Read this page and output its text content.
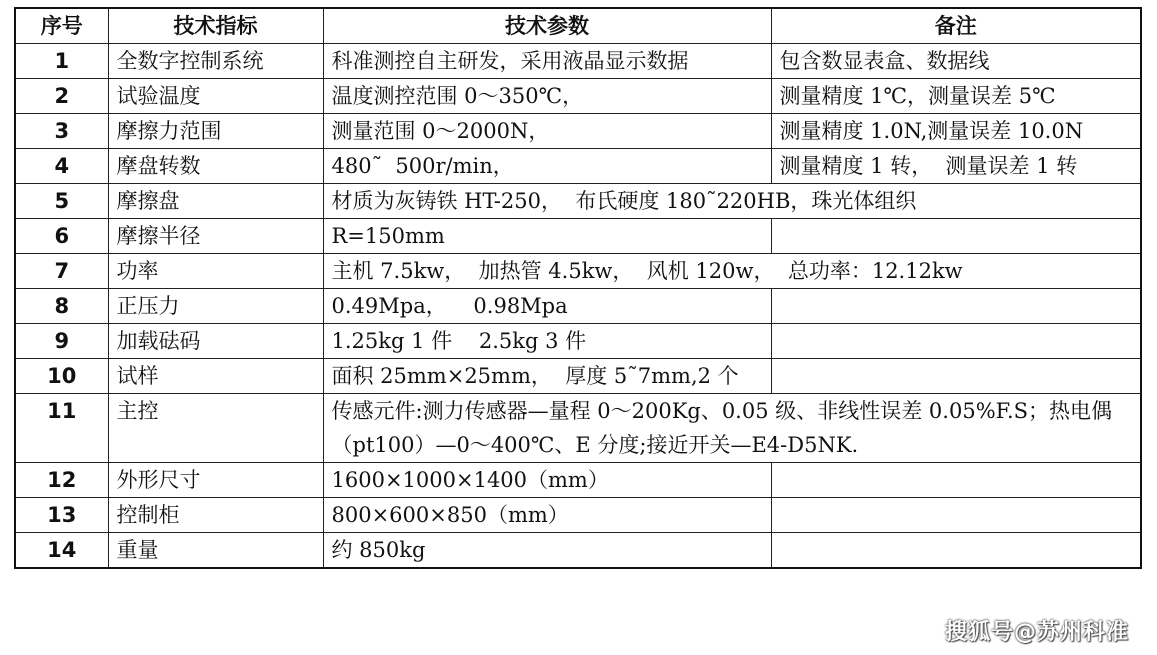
序号	技术指标	技术参数	备注
1	全数字控制系统	科准测控自主研发，采用液晶显示数据	包含数显表盒、数据线
2	试验温度	温度测控范围 0～350℃，	测量精度 1℃，测量误差 5℃
3	摩擦力范围	测量范围 0～2000N，	测量精度 1.0N,测量误差 10.0N
4	摩盘转数	480˜  500r/min，	测量精度 1 转，  测量误差 1 转
5	摩擦盘	材质为灰铸铁 HT-250，  布氏硬度 180˜220HB，珠光体组织	
6	摩擦半径	R=150mm	
7	功率	主机 7.5kw，  加热管 4.5kw，  风机 120w，  总功率：12.12kw	
8	正压力	0.49Mpa，    0.98Mpa	
9	加载砝码	1.25kg 1 件    2.5kg 3 件	
10	试样	面积 25mm×25mm，  厚度 5˜7mm,2 个	
11	主控	传感元件:测力传感器—量程 0～200Kg、0.05 级、非线性误差 0.05%F.S；热电偶（pt100）—0～400℃、E 分度;接近开关—E4-D5NK.	
12	外形尺寸	1600×1000×1400（mm）	
13	控制柜	800×600×850（mm）	
14	重量	约 850kg	
搜狐号@苏州科准
